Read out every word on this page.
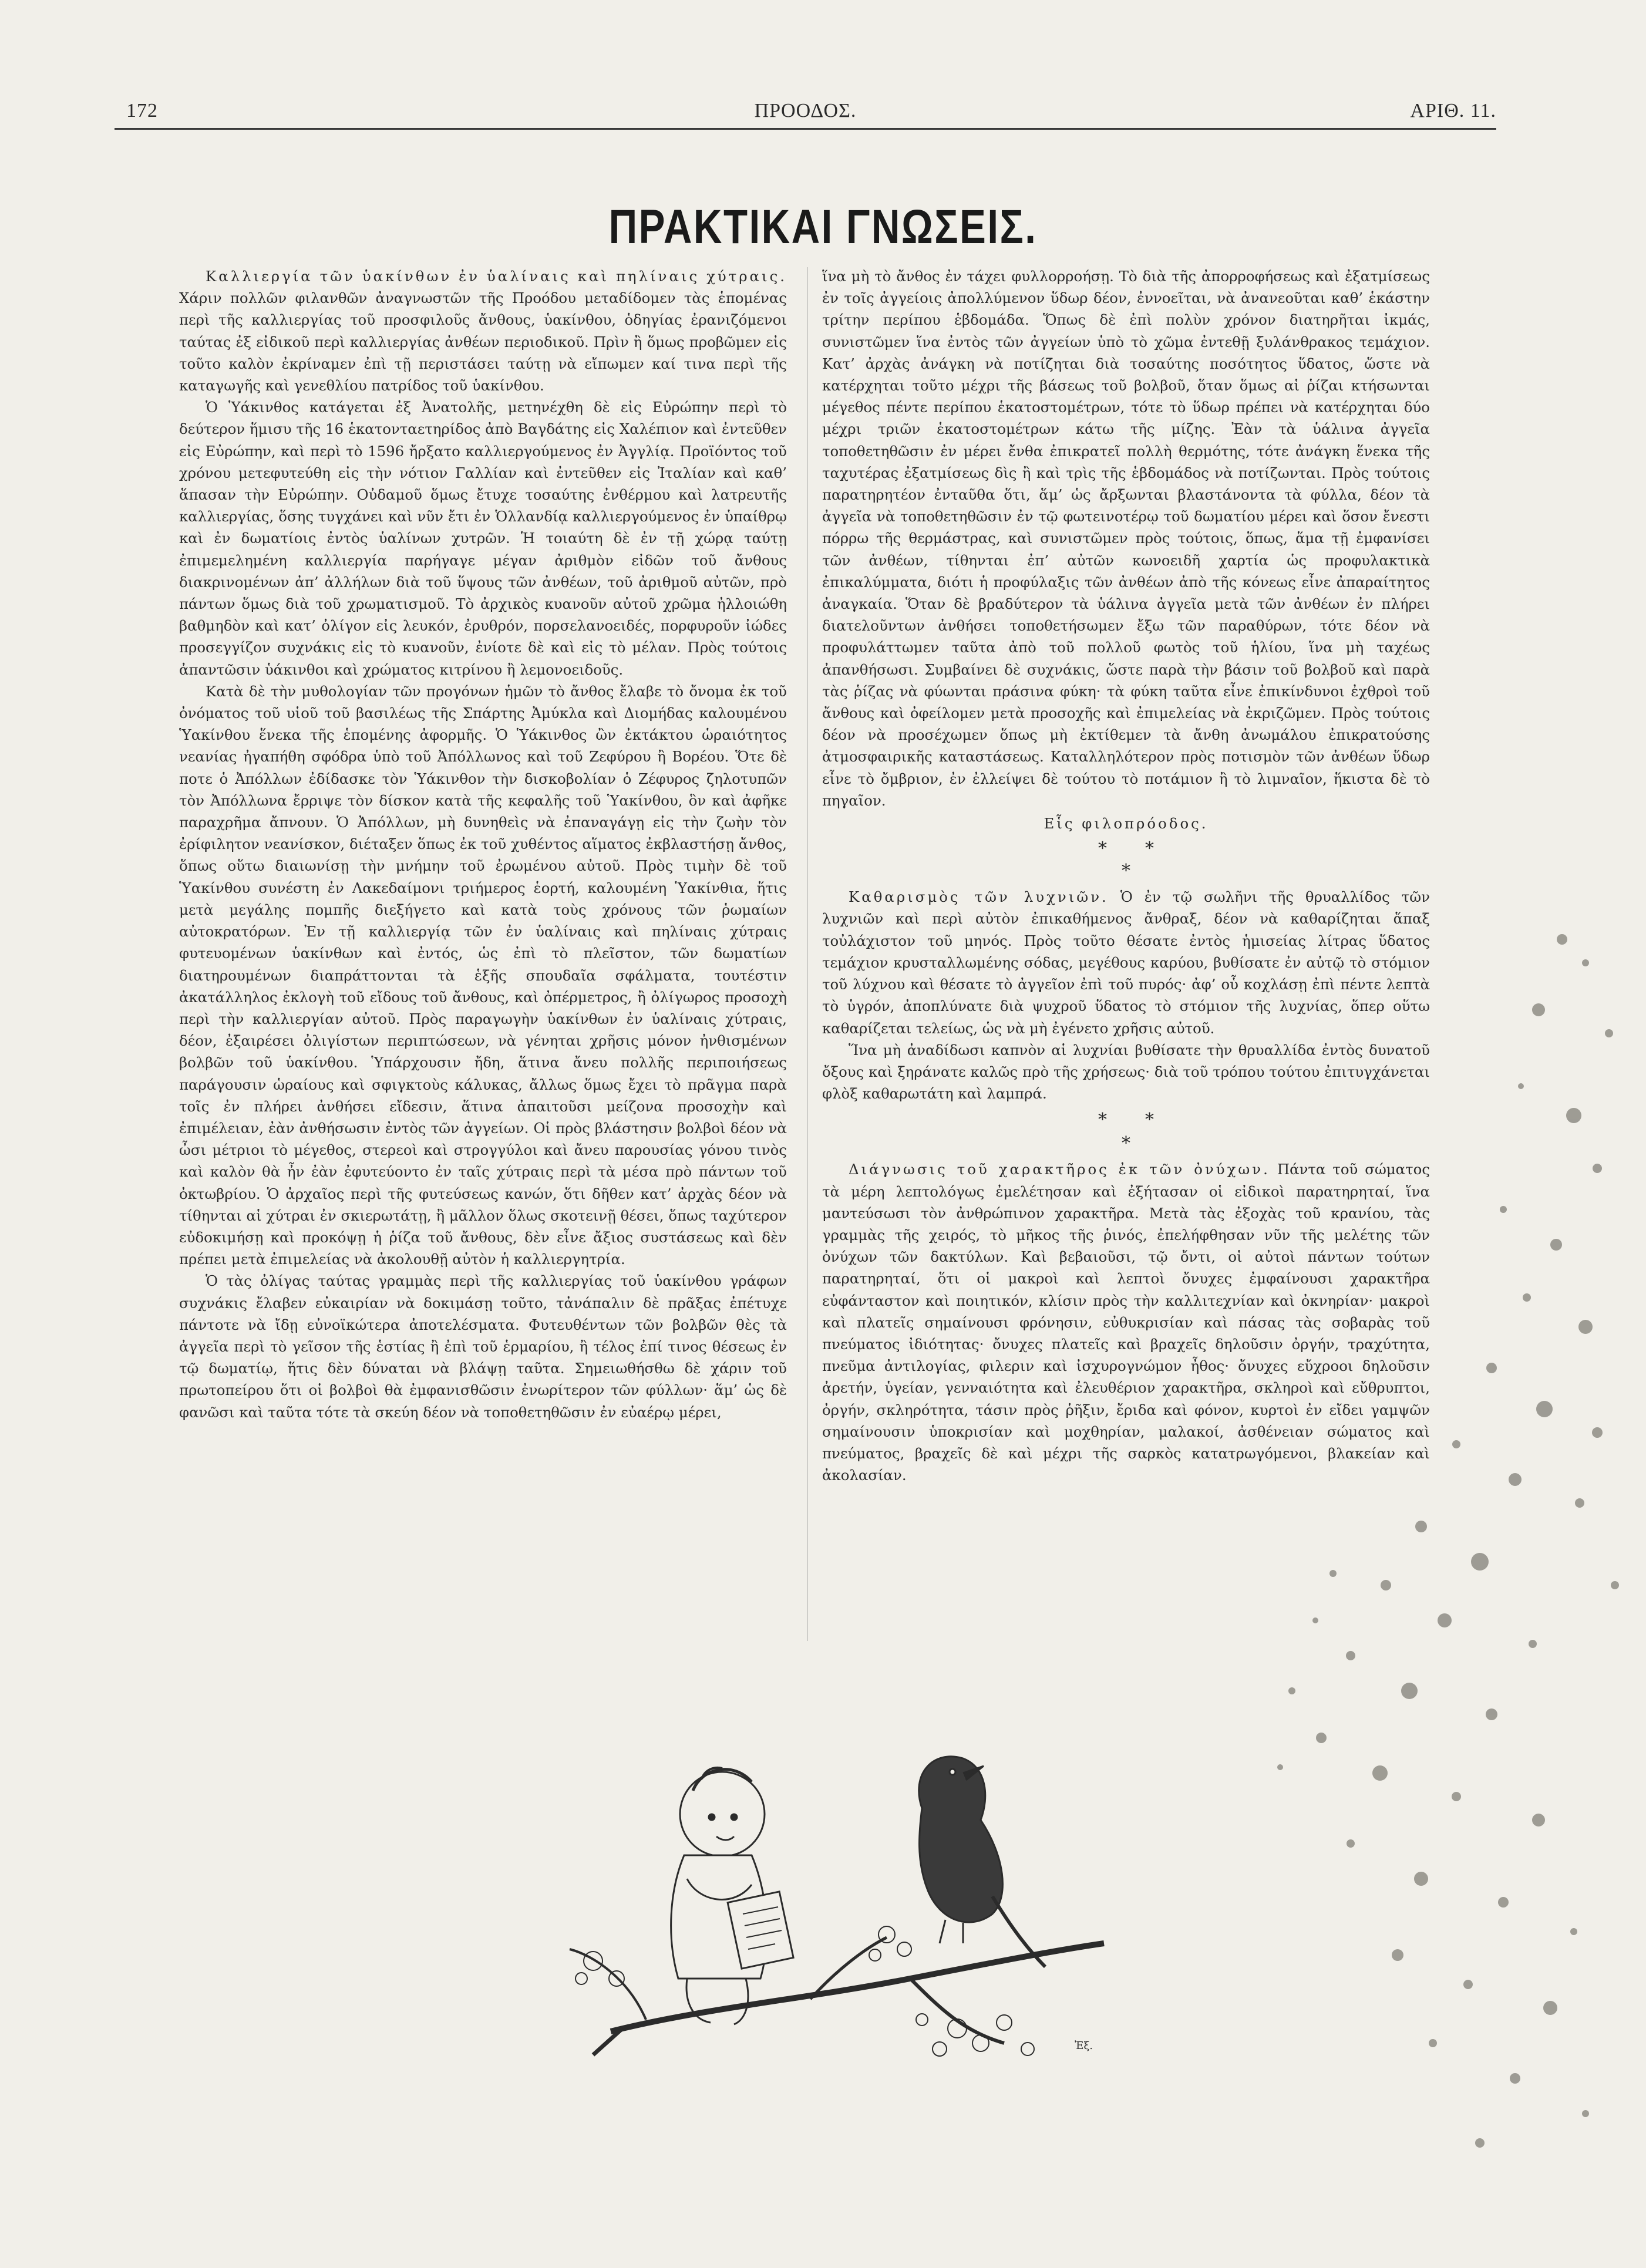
172	ΠΡΟΟΔΟΣ.	ΑΡΙΘ. 11.
ΠΡΑΚΤΙΚΑΙ ΓΝΩΣΕΙΣ.

Καλλιεργία τῶν ὑακίνθων ἐν ὑαλίναις καὶ πηλίναις χύτραις. Χάριν πολλῶν φιλανθῶν ἀναγνωστῶν τῆς Προόδου μεταδίδομεν τὰς ἑπομένας περὶ τῆς καλλιεργίας τοῦ προσφιλοῦς ἄνθους, ὑακίνθου, ὁδηγίας ἐρανιζόμενοι ταύτας ἐξ εἰδικοῦ περὶ καλλιεργίας ἀνθέων περιοδικοῦ. Πρὶν ἢ ὅμως προβῶμεν εἰς τοῦτο καλὸν ἐκρίναμεν ἐπὶ τῇ περιστάσει ταύτῃ νὰ εἴπωμεν καί τινα περὶ τῆς καταγωγῆς καὶ γενεθλίου πατρίδος τοῦ ὑακίνθου.

Ὁ Ὑάκινθος κατάγεται ἐξ Ἀνατολῆς, μετηνέχθη δὲ εἰς Εὐρώπην περὶ τὸ δεύτερον ἥμισυ τῆς 16 ἑκατονταετηρίδος ἀπὸ Βαγδάτης εἰς Χαλέπιον καὶ ἐντεῦθεν εἰς Εὐρώπην, καὶ περὶ τὸ 1596 ἤρξατο καλλιεργούμενος ἐν Ἀγγλίᾳ. Προϊόντος τοῦ χρόνου μετεφυτεύθη εἰς τὴν νότιον Γαλλίαν καὶ ἐντεῦθεν εἰς Ἰταλίαν καὶ καθ’ ἅπασαν τὴν Εὐρώπην. Οὐδαμοῦ ὅμως ἔτυχε τοσαύτης ἐνθέρμου καὶ λατρευτῆς καλλιεργίας, ὅσης τυγχάνει καὶ νῦν ἔτι ἐν Ὁλλανδίᾳ καλλιεργούμενος ἐν ὑπαίθρῳ καὶ ἐν δωματίοις ἐντὸς ὑαλίνων χυτρῶν. Ἡ τοιαύτη δὲ ἐν τῇ χώρᾳ ταύτῃ ἐπιμεμελημένη καλλιεργία παρήγαγε μέγαν ἀριθμὸν εἰδῶν τοῦ ἄνθους διακρινομένων ἀπ’ ἀλλήλων διὰ τοῦ ὕψους τῶν ἀνθέων, τοῦ ἀριθμοῦ αὐτῶν, πρὸ πάντων ὅμως διὰ τοῦ χρωματισμοῦ. Τὸ ἀρχικὸς κυανοῦν αὐτοῦ χρῶμα ἠλλοιώθη βαθμηδὸν καὶ κατ’ ὀλίγον εἰς λευκόν, ἐρυθρόν, πορσελανοειδές, πορφυροῦν ἰώδες προσεγγίζον συχνάκις εἰς τὸ κυανοῦν, ἐνίοτε δὲ καὶ εἰς τὸ μέλαν. Πρὸς τούτοις ἀπαντῶσιν ὑάκινθοι καὶ χρώματος κιτρίνου ἢ λεμονοειδοῦς.

Κατὰ δὲ τὴν μυθολογίαν τῶν προγόνων ἡμῶν τὸ ἄνθος ἔλαβε τὸ ὄνομα ἐκ τοῦ ὀνόματος τοῦ υἱοῦ τοῦ βασιλέως τῆς Σπάρτης Ἀμύκλα καὶ Διομήδας καλουμένου Ὑακίνθου ἕνεκα τῆς ἑπομένης ἀφορμῆς. Ὁ Ὑάκινθος ὢν ἐκτάκτου ὡραιότητος νεανίας ἠγαπήθη σφόδρα ὑπὸ τοῦ Ἀπόλλωνος καὶ τοῦ Ζεφύρου ἢ Βορέου. Ὅτε δὲ ποτε ὁ Ἀπόλλων ἐδίδασκε τὸν Ὑάκινθον τὴν δισκοβολίαν ὁ Ζέφυρος ζηλοτυπῶν τὸν Ἀπόλλωνα ἔρριψε τὸν δίσκον κατὰ τῆς κεφαλῆς τοῦ Ὑακίνθου, ὃν καὶ ἀφῆκε παραχρῆμα ἄπνουν. Ὁ Ἀπόλλων, μὴ δυνηθεὶς νὰ ἐπαναγάγῃ εἰς τὴν ζωὴν τὸν ἐρίφιλητον νεανίσκον, διέταξεν ὅπως ἐκ τοῦ χυθέντος αἵματος ἐκβλαστήσῃ ἄνθος, ὅπως οὕτω διαιωνίσῃ τὴν μνήμην τοῦ ἐρωμένου αὐτοῦ. Πρὸς τιμὴν δὲ τοῦ Ὑακίνθου συνέστη ἐν Λακεδαίμονι τριήμερος ἑορτή, καλουμένη Ὑακίνθια, ἥτις μετὰ μεγάλης πομπῆς διεξήγετο καὶ κατὰ τοὺς χρόνους τῶν ῥωμαίων αὐτοκρατόρων. Ἐν τῇ καλλιεργίᾳ τῶν ἐν ὑαλίναις καὶ πηλίναις χύτραις φυτευομένων ὑακίνθων καὶ ἐντός, ὡς ἐπὶ τὸ πλεῖστον, τῶν δωματίων διατηρουμένων διαπράττονται τὰ ἑξῆς σπουδαῖα σφάλματα, τουτέστιν ἀκατάλληλος ἐκλογὴ τοῦ εἴδους τοῦ ἄνθους, καὶ ὀπέρμετρος, ἢ ὀλίγωρος προσοχὴ περὶ τὴν καλλιεργίαν αὐτοῦ. Πρὸς παραγωγὴν ὑακίνθων ἐν ὑαλίναις χύτραις, δέον, ἐξαιρέσει ὀλιγίστων περιπτώσεων, νὰ γένηται χρῆσις μόνον ἠνθισμένων βολβῶν τοῦ ὑακίνθου. Ὑπάρχουσιν ἤδη, ἅτινα ἄνευ πολλῆς περιποιήσεως παράγουσιν ὡραίους καὶ σφιγκτοὺς κάλυκας, ἄλλως ὅμως ἔχει τὸ πρᾶγμα παρὰ τοῖς ἐν πλήρει ἀνθήσει εἴδεσιν, ἅτινα ἀπαιτοῦσι μείζονα προσοχὴν καὶ ἐπιμέλειαν, ἐὰν ἀνθήσωσιν ἐντὸς τῶν ἀγγείων. Οἱ πρὸς βλάστησιν βολβοὶ δέον νὰ ὦσι μέτριοι τὸ μέγεθος, στερεοὶ καὶ στρογγύλοι καὶ ἄνευ παρουσίας γόνου τινὸς καὶ καλὸν θὰ ἦν ἐὰν ἐφυτεύοντο ἐν ταῖς χύτραις περὶ τὰ μέσα πρὸ πάντων τοῦ ὀκτωβρίου. Ὁ ἀρχαῖος περὶ τῆς φυτεύσεως κανών, ὅτι δῆθεν κατ’ ἀρχὰς δέον νὰ τίθηνται αἱ χύτραι ἐν σκιερωτάτῃ, ἢ μᾶλλον ὅλως σκοτεινῇ θέσει, ὅπως ταχύτερον εὐδοκιμήσῃ καὶ προκόψῃ ἡ ῥίζα τοῦ ἄνθους, δὲν εἶνε ἄξιος συστάσεως καὶ δὲν πρέπει μετὰ ἐπιμελείας νὰ ἀκολουθῇ αὐτὸν ἡ καλλιεργητρία.

Ὁ τὰς ὀλίγας ταύτας γραμμὰς περὶ τῆς καλλιεργίας τοῦ ὑακίνθου γράφων συχνάκις ἔλαβεν εὐκαιρίαν νὰ δοκιμάσῃ τοῦτο, τἀνάπαλιν δὲ πρᾶξας ἐπέτυχε πάντοτε νὰ ἴδῃ εὐνοϊκώτερα ἀποτελέσματα. Φυτευθέντων τῶν βολβῶν θὲς τὰ ἀγγεῖα περὶ τὸ γεῖσον τῆς ἑστίας ἢ ἐπὶ τοῦ ἑρμαρίου, ἢ τέλος ἐπί τινος θέσεως ἐν τῷ δωματίῳ, ἥτις δὲν δύναται νὰ βλάψῃ ταῦτα. Σημειωθήσθω δὲ χάριν τοῦ πρωτοπείρου ὅτι οἱ βολβοὶ θὰ ἐμφανισθῶσιν ἐνωρίτερον τῶν φύλλων· ἅμ’ ὡς δὲ φανῶσι καὶ ταῦτα τότε τὰ σκεύη δέον νὰ τοποθετηθῶσιν ἐν εὐαέρῳ μέρει,

ἵνα μὴ τὸ ἄνθος ἐν τάχει φυλλορροήσῃ. Τὸ διὰ τῆς ἀπορροφήσεως καὶ ἐξατμίσεως ἐν τοῖς ἀγγείοις ἀπολλύμενον ὕδωρ δέον, ἐννοεῖται, νὰ ἀνανεοῦται καθ’ ἑκάστην τρίτην περίπου ἑβδομάδα. Ὅπως δὲ ἐπὶ πολὺν χρόνον διατηρῆται ἰκμάς, συνιστῶμεν ἵνα ἐντὸς τῶν ἀγγείων ὑπὸ τὸ χῶμα ἐντεθῇ ξυλάνθρακος τεμάχιον. Κατ’ ἀρχὰς ἀνάγκη νὰ ποτίζηται διὰ τοσαύτης ποσότητος ὕδατος, ὥστε νὰ κατέρχηται τοῦτο μέχρι τῆς βάσεως τοῦ βολβοῦ, ὅταν ὅμως αἱ ῥίζαι κτήσωνται μέγεθος πέντε περίπου ἑκατοστομέτρων, τότε τὸ ὕδωρ πρέπει νὰ κατέρχηται δύο μέχρι τριῶν ἑκατοστομέτρων κάτω τῆς μίζης. Ἐὰν τὰ ὑάλινα ἀγγεῖα τοποθετηθῶσιν ἐν μέρει ἔνθα ἐπικρατεῖ πολλὴ θερμότης, τότε ἀνάγκη ἕνεκα τῆς ταχυτέρας ἐξατμίσεως δὶς ἢ καὶ τρὶς τῆς ἑβδομάδος νὰ ποτίζωνται. Πρὸς τούτοις παρατηρητέον ἐνταῦθα ὅτι, ἅμ’ ὡς ἄρξωνται βλαστάνοντα τὰ φύλλα, δέον τὰ ἀγγεῖα νὰ τοποθετηθῶσιν ἐν τῷ φωτεινοτέρῳ τοῦ δωματίου μέρει καὶ ὅσον ἔνεστι πόρρω τῆς θερμάστρας, καὶ συνιστῶμεν πρὸς τούτοις, ὅπως, ἅμα τῇ ἐμφανίσει τῶν ἀνθέων, τίθηνται ἐπ’ αὐτῶν κωνοειδῆ χαρτία ὡς προφυλακτικὰ ἐπικαλύμματα, διότι ἡ προφύλαξις τῶν ἀνθέων ἀπὸ τῆς κόνεως εἶνε ἀπαραίτητος ἀναγκαία. Ὅταν δὲ βραδύτερον τὰ ὑάλινα ἀγγεῖα μετὰ τῶν ἀνθέων ἐν πλήρει διατελοῦντων ἀνθήσει τοποθετήσωμεν ἔξω τῶν παραθύρων, τότε δέον νὰ προφυλάττωμεν ταῦτα ἀπὸ τοῦ πολλοῦ φωτὸς τοῦ ἡλίου, ἵνα μὴ ταχέως ἀπανθήσωσι. Συμβαίνει δὲ συχνάκις, ὥστε παρὰ τὴν βάσιν τοῦ βολβοῦ καὶ παρὰ τὰς ῥίζας νὰ φύωνται πράσινα φύκη· τὰ φύκη ταῦτα εἶνε ἐπικίνδυνοι ἐχθροὶ τοῦ ἄνθους καὶ ὀφείλομεν μετὰ προσοχῆς καὶ ἐπιμελείας νὰ ἐκριζῶμεν. Πρὸς τούτοις δέον νὰ προσέχωμεν ὅπως μὴ ἐκτίθεμεν τὰ ἄνθη ἀνωμάλου ἐπικρατούσης ἀτμοσφαιρικῆς καταστάσεως. Καταλληλότερον πρὸς ποτισμὸν τῶν ἀνθέων ὕδωρ εἶνε τὸ ὄμβριον, ἐν ἐλλείψει δὲ τούτου τὸ ποτάμιον ἢ τὸ λιμναῖον, ἥκιστα δὲ τὸ πηγαῖον.

Εἷς φιλοπρόοδος.
* *
*

Καθαρισμὸς τῶν λυχνιῶν. Ὁ ἐν τῷ σωλῆνι τῆς θρυαλλίδος τῶν λυχνιῶν καὶ περὶ αὐτὸν ἐπικαθήμενος ἄνθραξ, δέον νὰ καθαρίζηται ἅπαξ τοὐλάχιστον τοῦ μηνός. Πρὸς τοῦτο θέσατε ἐντὸς ἡμισείας λίτρας ὕδατος τεμάχιον κρυσταλλωμένης σόδας, μεγέθους καρύου, βυθίσατε ἐν αὐτῷ τὸ στόμιον τοῦ λύχνου καὶ θέσατε τὸ ἀγγεῖον ἐπὶ τοῦ πυρός· ἀφ’ οὗ κοχλάσῃ ἐπὶ πέντε λεπτὰ τὸ ὑγρόν, ἀποπλύνατε διὰ ψυχροῦ ὕδατος τὸ στόμιον τῆς λυχνίας, ὅπερ οὕτω καθαρίζεται τελείως, ὡς νὰ μὴ ἐγένετο χρῆσις αὐτοῦ.

Ἵνα μὴ ἀναδίδωσι καπνὸν αἱ λυχνίαι βυθίσατε τὴν θρυαλλίδα ἐντὸς δυνατοῦ ὄξους καὶ ξηράνατε καλῶς πρὸ τῆς χρήσεως· διὰ τοῦ τρόπου τούτου ἐπιτυγχάνεται φλὸξ καθαρωτάτη καὶ λαμπρά.

* *
*

Διάγνωσις τοῦ χαρακτῆρος ἐκ τῶν ὀνύχων. Πάντα τοῦ σώματος τὰ μέρη λεπτολόγως ἐμελέτησαν καὶ ἐξήτασαν οἱ εἰδικοὶ παρατηρηταί, ἵνα μαντεύσωσι τὸν ἀνθρώπινον χαρακτῆρα. Μετὰ τὰς ἐξοχὰς τοῦ κρανίου, τὰς γραμμὰς τῆς χειρός, τὸ μῆκος τῆς ῥινός, ἐπελήφθησαν νῦν τῆς μελέτης τῶν ὀνύχων τῶν δακτύλων. Καὶ βεβαιοῦσι, τῷ ὄντι, οἱ αὐτοὶ πάντων τούτων παρατηρηταί, ὅτι οἱ μακροὶ καὶ λεπτοὶ ὄνυχες ἐμφαίνουσι χαρακτῆρα εὐφάνταστον καὶ ποιητικόν, κλίσιν πρὸς τὴν καλλιτεχνίαν καὶ ὀκνηρίαν· μακροὶ καὶ πλατεῖς σημαίνουσι φρόνησιν, εὐθυκρισίαν καὶ πάσας τὰς σοβαρὰς τοῦ πνεύματος ἰδιότητας· ὄνυχες πλατεῖς καὶ βραχεῖς δηλοῦσιν ὀργήν, τραχύτητα, πνεῦμα ἀντιλογίας, φιλεριν καὶ ἰσχυρογνώμον ἦθος· ὄνυχες εὔχροοι δηλοῦσιν ἀρετήν, ὑγείαν, γενναιότητα καὶ ἐλευθέριον χαρακτῆρα, σκληροὶ καὶ εὔθρυπτοι, ὀργήν, σκληρότητα, τάσιν πρὸς ῥῆξιν, ἔριδα καὶ φόνον, κυρτοὶ ἐν εἴδει γαμψῶν σημαίνουσιν ὑποκρισίαν καὶ μοχθηρίαν, μαλακοί, ἀσθένειαν σώματος καὶ πνεύματος, βραχεῖς δὲ καὶ μέχρι τῆς σαρκὸς κατατρωγόμενοι, βλακείαν καὶ ἀκολασίαν.

Ἐξ.
